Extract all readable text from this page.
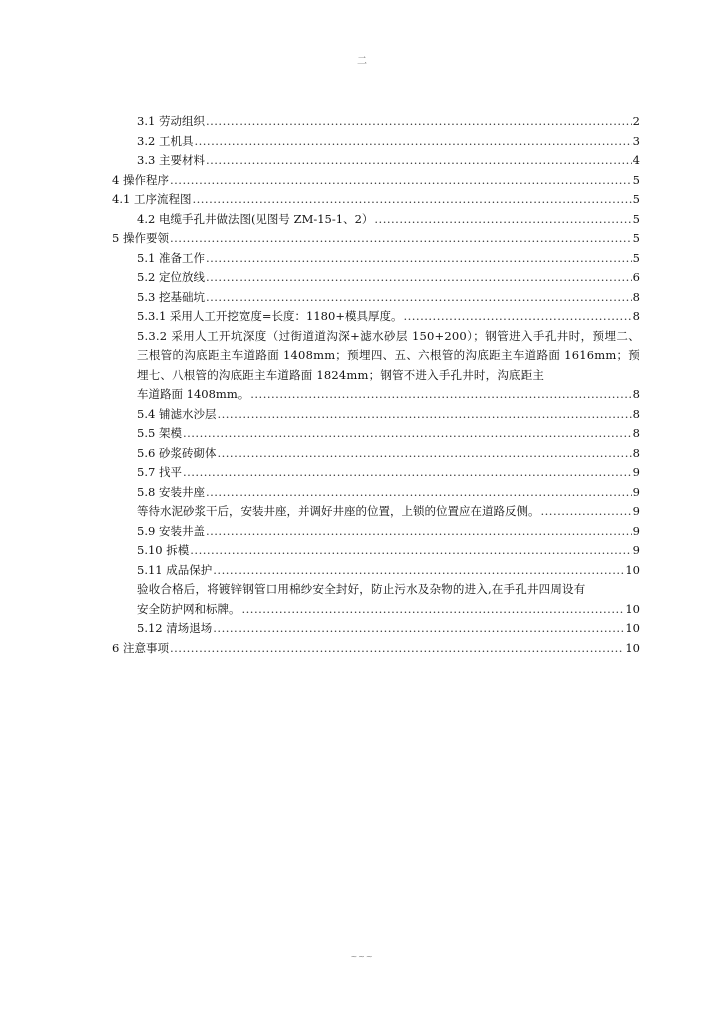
二
3.1 劳动组织 .....	2
3.2 工机具 .....	3
3.3 主要材料 .....	4
4 操作程序 .....	5
4.1 工序流程图 .....	5
4.2 电缆手孔井做法图(见图号 ZM-15-1、2） .....	5
5 操作要领 .....	5
5.1 准备工作 .....	5
5.2 定位放线 .....	6
5.3 挖基础坑 .....	8
5.3.1 采用人工开挖宽度=长度：1180+模具厚度。 .....	8
5.3.2 采用人工开坑深度（过街道道沟深+滤水砂层 150+200）；钢管进入手孔井时，预埋二、三根管的沟底距主车道路面 1408mm；预埋四、五、六根管的沟底距主车道路面 1616mm；预埋七、八根管的沟底距主车道路面 1824mm；钢管不进入手孔井时，沟底距主
车道路面 1408mm。 .....	8
5.4 铺滤水沙层 .....	8
5.5 架模 .....	8
5.6 砂浆砖砌体 .....	8
5.7 找平 .....	9
5.8 安装井座 .....	9
等待水泥砂浆干后，安装井座，并调好井座的位置，上锁的位置应在道路反侧。 .....	9
5.9 安装井盖 .....	9
5.10 拆模 .....	9
5.11 成品保护 .....	10
验收合格后，将镀锌钢管口用棉纱安全封好，防止污水及杂物的进入,在手孔井四周设有
安全防护网和标牌。 .....	10
5.12 清场退场 .....	10
6 注意事项 .....	10
~~~
